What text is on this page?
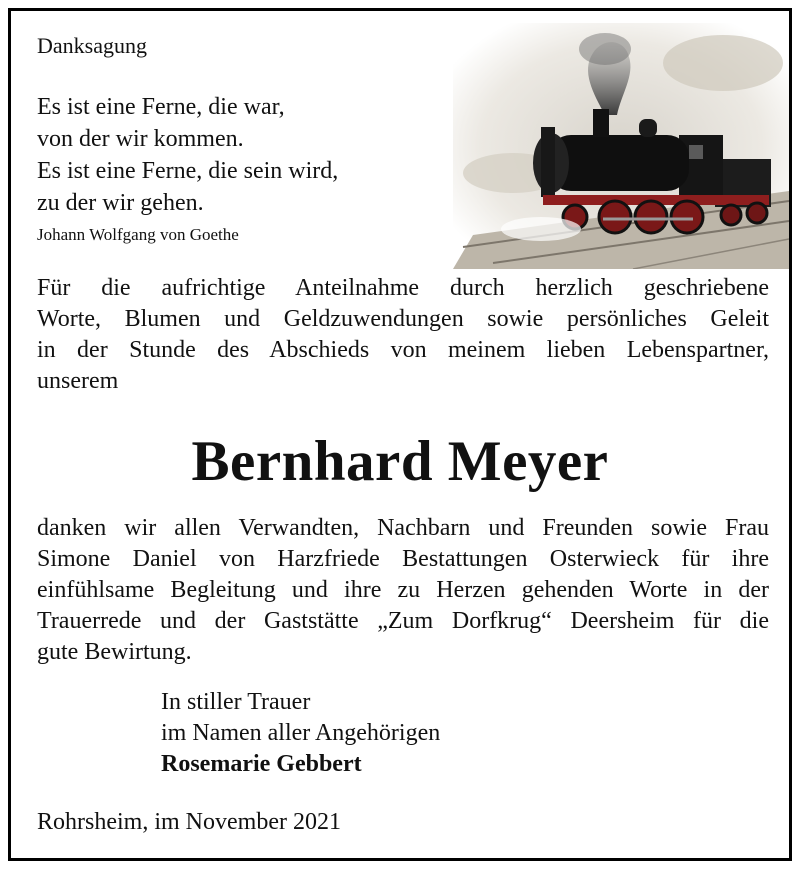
Danksagung

Es ist eine Ferne, die war,
von der wir kommen.
Es ist eine Ferne, die sein wird,
zu der wir gehen.

Johann Wolfgang von Goethe

Für die aufrichtige Anteilnahme durch herzlich geschriebene
Worte, Blumen und Geldzuwendungen sowie persönliches Geleit
in der Stunde des Abschieds von meinem lieben Lebenspartner,
unserem

Bernhard Meyer

danken wir allen Verwandten, Nachbarn und Freunden sowie Frau
Simone Daniel von Harzfriede Bestattungen Osterwieck für ihre
einfühlsame Begleitung und ihre zu Herzen gehenden Worte in der
Trauerrede und der Gaststätte „Zum Dorfkrug“ Deersheim für die
gute Bewirtung.
In stiller Trauer
im Namen aller Angehörigen
Rosemarie Gebbert

Rohrsheim, im November 2021
